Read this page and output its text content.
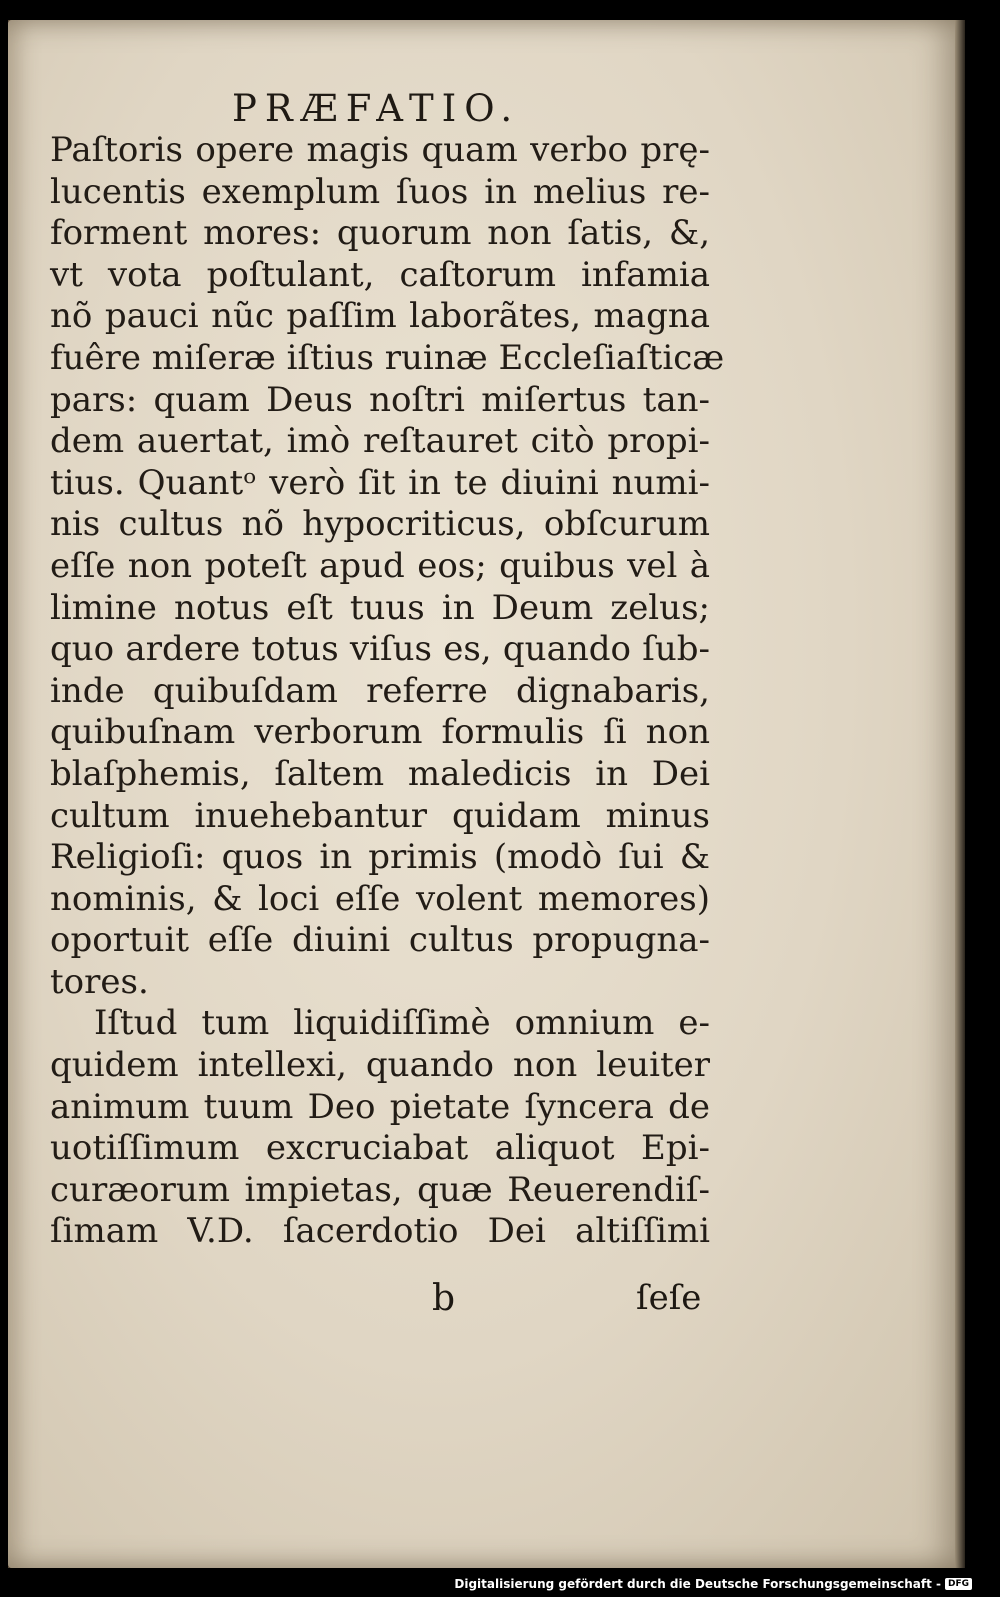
PRÆFATIO.
Paſtoris opere magis quam verbo prę-
lucentis exemplum ſuos in melius re-
forment mores: quorum non ſatis, &,
vt vota poſtulant, caſtorum infamia
nõ pauci nũc paſſim laborãtes, magna
fuêre miſeræ iſtius ruinæ Eccleſiaſticæ
pars: quam Deus noſtri miſertus tan-
dem auertat, imò reſtauret citò propi-
tius. Quantᵒ verò ſit in te diuini numi-
nis cultus nõ hypocriticus, obſcurum
eſſe non poteſt apud eos; quibus vel à
limine notus eſt tuus in Deum zelus;
quo ardere totus viſus es, quando ſub-
inde quibuſdam referre dignabaris,
quibuſnam verborum formulis ſi non
blaſphemis, ſaltem maledicis in Dei
cultum inuehebantur quidam minus
Religioſi: quos in primis (modò ſui &
nominis, & loci eſſe volent memores)
oportuit eſſe diuini cultus propugna-
tores.
Iſtud tum liquidiſſimè omnium e-
quidem intellexi, quando non leuiter
animum tuum Deo pietate ſyncera de
uotiſſimum excruciabat aliquot Epi-
curæorum impietas, quæ Reuerendiſ-
ſimam V.D. ſacerdotio Dei altiſſimi
b	ſeſe
Digitalisierung gefördert durch die Deutsche Forschungsgemeinschaft - DFG
